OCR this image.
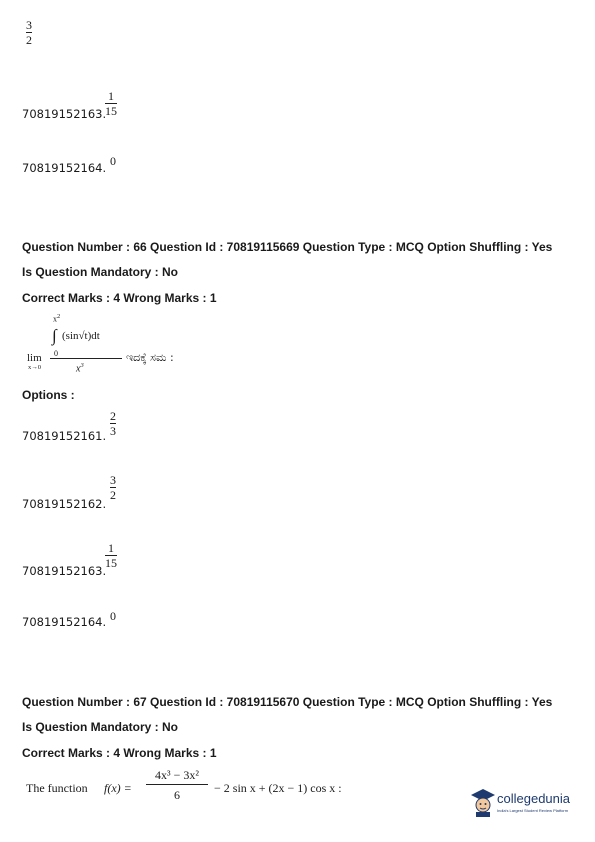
3
2
70819152163.
1
15
70819152164. 0
Question Number : 66 Question Id : 70819115669 Question Type : MCQ Option Shuffling : Yes
Is Question Mandatory : No
Correct Marks : 4 Wrong Marks : 1
$x^2$
∫ (sin√t)dt
0
lim
x→0	$x^3$
ಇದಕ್ಕೆ ಸಮ :
Options :
70819152161.
2
3
70819152162.
3
2
70819152163.
1
15
70819152164. 0
Question Number : 67 Question Id : 70819115670 Question Type : MCQ Option Shuffling : Yes
Is Question Mandatory : No
Correct Marks : 4 Wrong Marks : 1
The function f(x) =
4x³ − 3x²
6	− 2 sin x + (2x − 1) cos x :
collegedunia
India's Largest Student Review Platform
